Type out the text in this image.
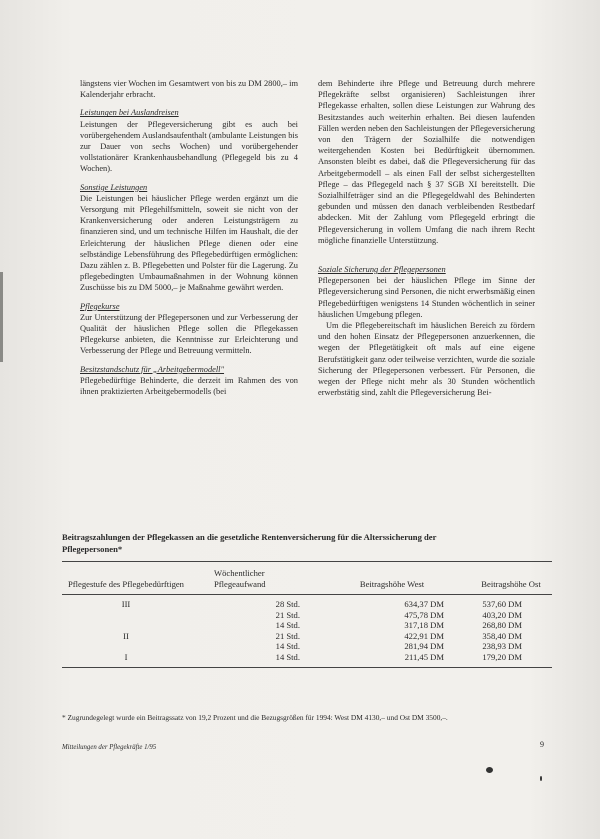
längstens vier Wochen im Gesamtwert von bis zu DM 2800,– im Kalenderjahr erbracht.

Leistungen bei Auslandreisen

Leistungen der Pflegeversicherung gibt es auch bei vorübergehendem Auslandsaufenthalt (ambulante Leistungen bis zur Dauer von sechs Wochen) und vorübergehender vollstationärer Krankenhausbehandlung (Pflegegeld bis zu 4 Wochen).

Sonstige Leistungen

Die Leistungen bei häuslicher Pflege werden ergänzt um die Versorgung mit Pflegehilfsmitteln, soweit sie nicht von der Krankenversicherung oder anderen Leistungsträgern zu finanzieren sind, und um technische Hilfen im Haushalt, die der Erleichterung der häuslichen Pflege dienen oder eine selbständige Lebensführung des Pflegebedürftigen ermöglichen: Dazu zählen z. B. Pflegebetten und Polster für die Lagerung. Zu pflegebedingten Umbaumaßnahmen in der Wohnung können Zuschüsse bis zu DM 5000,– je Maßnahme gewährt werden.

Pflegekurse

Zur Unterstützung der Pflegepersonen und zur Verbesserung der Qualität der häuslichen Pflege sollen die Pflegekassen Pflegekurse anbieten, die Kenntnisse zur Erleichterung und Verbesserung der Pflege und Betreuung vermitteln.

Besitzstandschutz für „Arbeitgebermodell"

Pflegebedürftige Behinderte, die derzeit im Rahmen des von ihnen praktizierten Arbeitgebermodells (bei

dem Behinderte ihre Pflege und Betreuung durch mehrere Pflegekräfte selbst organisieren) Sachleistungen ihrer Pflegekasse erhalten, sollen diese Leistungen zur Wahrung des Besitzstandes auch weiterhin erhalten. Bei diesen laufenden Fällen werden neben den Sachleistungen der Pflegeversicherung von den Trägern der Sozialhilfe die notwendigen weitergehenden Kosten bei Bedürftigkeit übernommen. Ansonsten bleibt es dabei, daß die Pflegeversicherung für das Arbeitgebermodell – als einen Fall der selbst sichergestellten Pflege – das Pflegegeld nach § 37 SGB XI bereitstellt. Die Sozialhilfeträger sind an die Pflegegeldwahl des Behinderten gebunden und müssen den danach verbleibenden Restbedarf abdecken. Mit der Zahlung vom Pflegegeld erbringt die Pflegeversicherung in vollem Umfang die nach ihrem Recht mögliche finanzielle Unterstützung.

Soziale Sicherung der Pflegepersonen

Pflegepersonen bei der häuslichen Pflege im Sinne der Pflegeversicherung sind Personen, die nicht erwerbsmäßig einen Pflegebedürftigen wenigstens 14 Stunden wöchentlich in seiner häuslichen Umgebung pflegen.

Um die Pflegebereitschaft im häuslichen Bereich zu fördern und den hohen Einsatz der Pflegepersonen anzuerkennen, die wegen der Pflegetätigkeit oft mals auf eine eigene Berufstätigkeit ganz oder teilweise verzichten, wurde die soziale Sicherung der Pflegepersonen verbessert. Für Personen, die wegen der Pflege nicht mehr als 30 Stunden wöchentlich erwerbstätig sind, zahlt die Pflegeversicherung Bei-

Beitragszahlungen der Pflegekassen an die gesetzliche Rentenversicherung für die Alterssicherung der Pflegepersonen*

Pflegestufe des Pflegebedürftigen	Wöchentlicher Pflegeaufwand	Beitragshöhe West	Beitragshöhe Ost

III	28 Std.	634,37 DM	537,60 DM
	21 Std.	475,78 DM	403,20 DM
	14 Std.	317,18 DM	268,80 DM
II	21 Std.	422,91 DM	358,40 DM
	14 Std.	281,94 DM	238,93 DM
I	14 Std.	211,45 DM	179,20 DM

* Zugrundegelegt wurde ein Beitragssatz von 19,2 Prozent und die Bezugsgrößen für 1994: West DM 4130,– und Ost DM 3500,–.

Mitteilungen der Pflegekräfte 1/95	9
